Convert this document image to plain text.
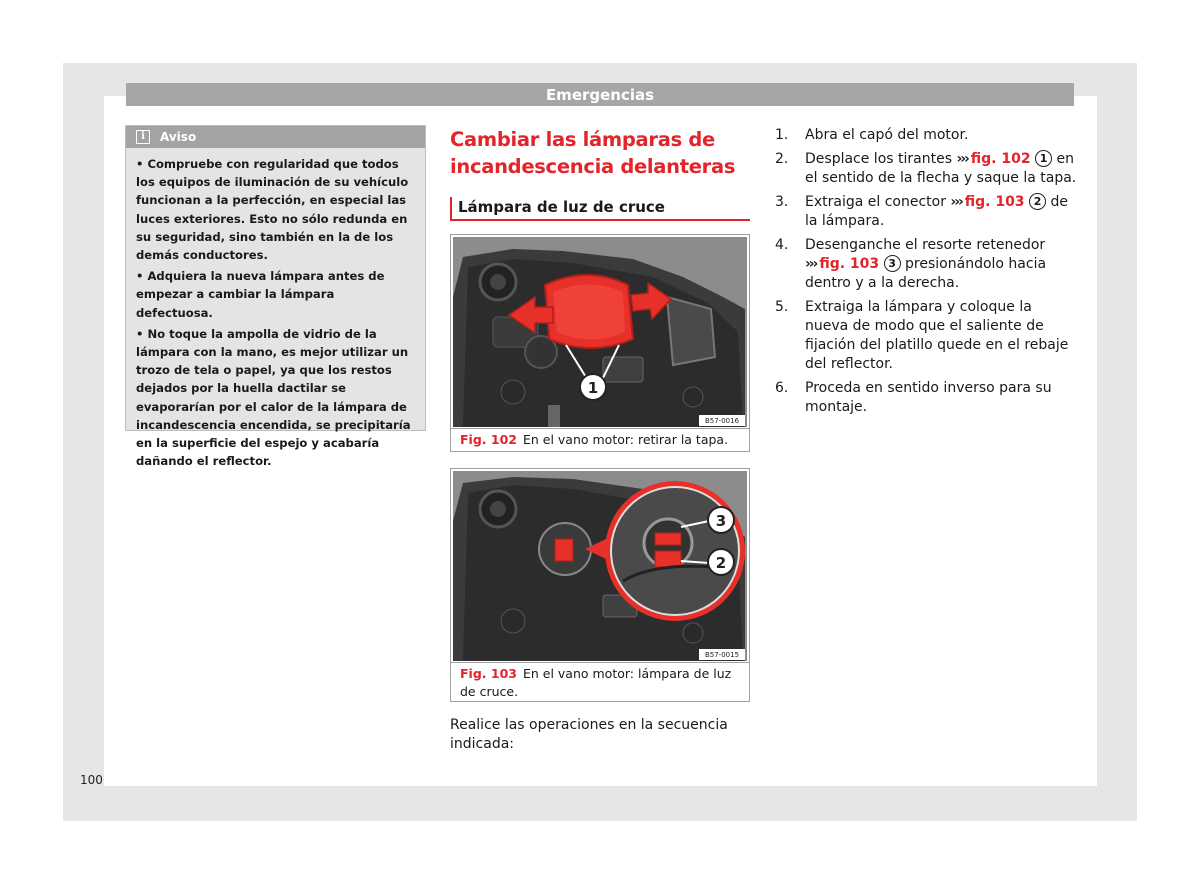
Emergencias
i	Aviso

• Compruebe con regularidad que todos los equipos de iluminación de su vehículo funcionan a la perfección, en especial las luces exteriores. Esto no sólo redunda en su seguridad, sino también en la de los demás conductores.

• Adquiera la nueva lámpara antes de empezar a cambiar la lámpara defectuosa.

• No toque la ampolla de vidrio de la lámpara con la mano, es mejor utilizar un trozo de tela o papel, ya que los restos dejados por la huella dactilar se evaporarían por el calor de la lámpara de incandescencia encendida, se precipitaría en la superficie del espejo y acabaría dañando el reflector.

Cambiar las lámparas de incandescencia delanteras
Lámpara de luz de cruce
1
B57-0016
Fig. 102 En el vano motor: retirar la tapa.
3
2
B57-0015
Fig. 103 En el vano motor: lámpara de luz de cruce.
Realice las operaciones en la secuencia indicada:
1.	Abra el capó del motor.
2.	Desplace los tirantes ››› fig. 102 1 en el sentido de la flecha y saque la tapa.
3.	Extraiga el conector ››› fig. 103 2 de la lámpara.
4.	Desenganche el resorte retenedor ››› fig. 103 3 presionándolo hacia dentro y a la derecha.
5.	Extraiga la lámpara y coloque la nueva de modo que el saliente de fijación del platillo quede en el rebaje del reflector.
6.	Proceda en sentido inverso para su montaje.
100
